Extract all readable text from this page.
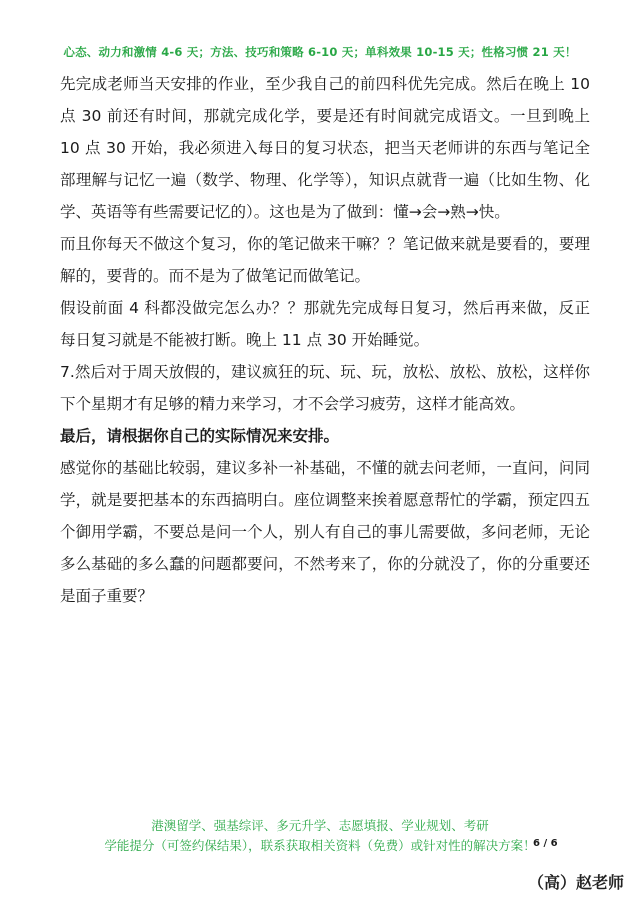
心态、动力和激情 4-6 天；方法、技巧和策略 6-10 天；单科效果 10-15 天；性格习惯 21 天！

先完成老师当天安排的作业，至少我自己的前四科优先完成。然后在晚上 10 点 30 前还有时间，那就完成化学，要是还有时间就完成语文。一旦到晚上 10 点 30 开始，我必须进入每日的复习状态，把当天老师讲的东西与笔记全部理解与记忆一遍（数学、物理、化学等），知识点就背一遍（比如生物、化学、英语等有些需要记忆的）。这也是为了做到：懂→会→熟→快。

而且你每天不做这个复习，你的笔记做来干嘛？？笔记做来就是要看的，要理解的，要背的。而不是为了做笔记而做笔记。

假设前面 4 科都没做完怎么办？？那就先完成每日复习，然后再来做，反正每日复习就是不能被打断。晚上 11 点 30 开始睡觉。

7.然后对于周天放假的，建议疯狂的玩、玩、玩，放松、放松、放松，这样你下个星期才有足够的精力来学习，才不会学习疲劳，这样才能高效。

最后，请根据你自己的实际情况来安排。

感觉你的基础比较弱，建议多补一补基础，不懂的就去问老师，一直问，问同学，就是要把基本的东西搞明白。座位调整来挨着愿意帮忙的学霸，预定四五个御用学霸，不要总是问一个人，别人有自己的事儿需要做，多问老师，无论多么基础的多么蠢的问题都要问，不然考来了，你的分就没了，你的分重要还是面子重要？

港澳留学、强基综评、多元升学、志愿填报、学业规划、考研
学能提分（可签约保结果），联系获取相关资料（免费）或针对性的解决方案！
6 / 6
（高）赵老师
